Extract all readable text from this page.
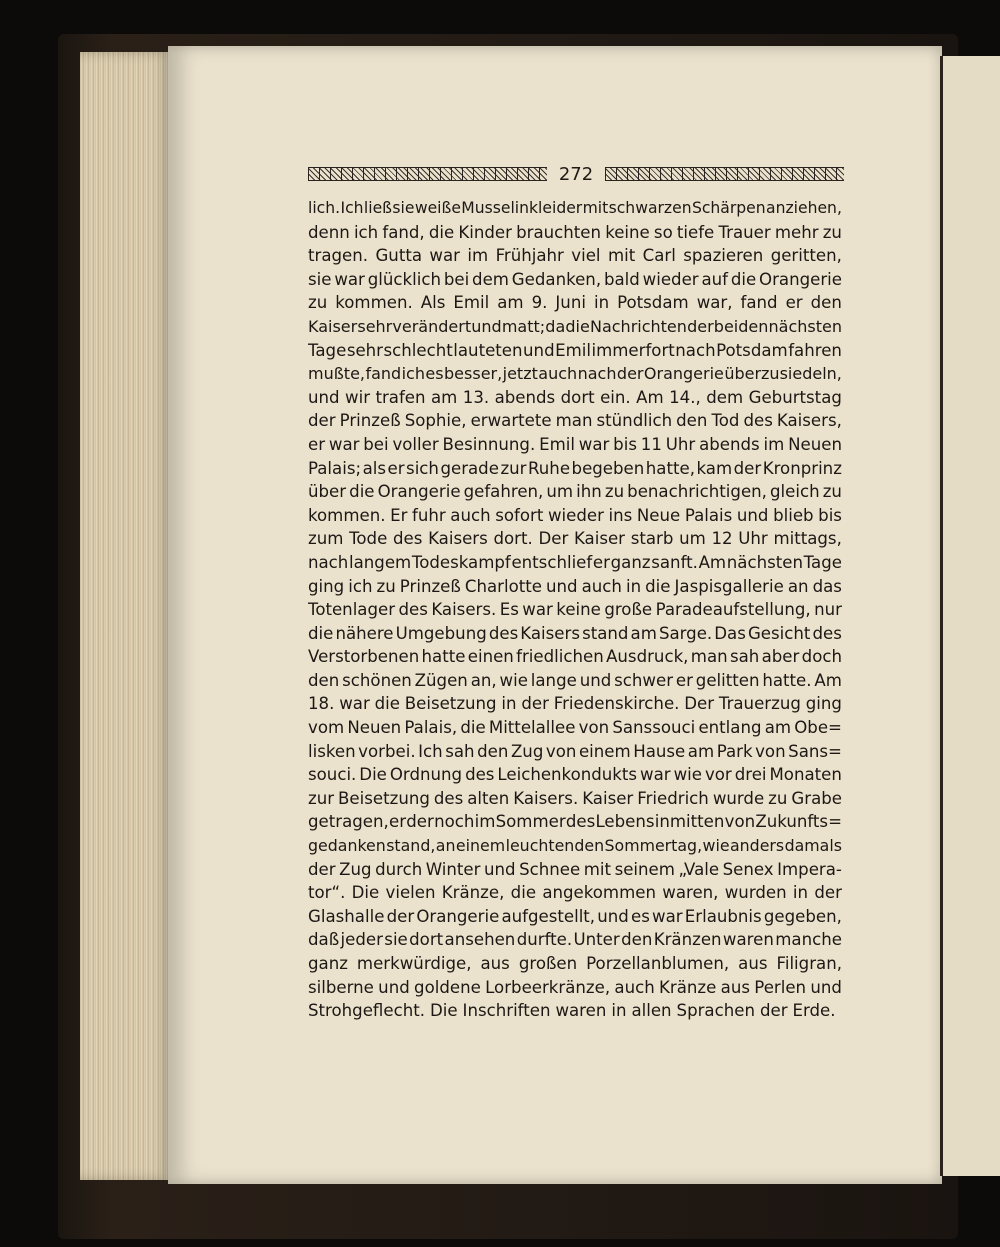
272
lich. Ich ließ sie weiße Musselinkleider mit schwarzen Schärpen anziehen,
denn ich fand, die Kinder brauchten keine so tiefe Trauer mehr zu
tragen. Gutta war im Frühjahr viel mit Carl spazieren geritten,
sie war glücklich bei dem Gedanken, bald wieder auf die Orangerie
zu kommen. Als Emil am 9. Juni in Potsdam war, fand er den
Kaiser sehr verändert und matt; da die Nachrichten der beiden nächsten
Tage sehr schlecht lauteten und Emil immerfort nach Potsdam fahren
mußte, fand ich es besser, jetzt auch nach der Orangerie überzusiedeln,
und wir trafen am 13. abends dort ein. Am 14., dem Geburtstag
der Prinzeß Sophie, erwartete man stündlich den Tod des Kaisers,
er war bei voller Besinnung. Emil war bis 11 Uhr abends im Neuen
Palais; als er sich gerade zur Ruhe begeben hatte, kam der Kronprinz
über die Orangerie gefahren, um ihn zu benachrichtigen, gleich zu
kommen. Er fuhr auch sofort wieder ins Neue Palais und blieb bis
zum Tode des Kaisers dort. Der Kaiser starb um 12 Uhr mittags,
nach langem Todeskampf entschlief er ganz sanft. Am nächsten Tage
ging ich zu Prinzeß Charlotte und auch in die Jaspisgallerie an das
Totenlager des Kaisers. Es war keine große Paradeaufstellung, nur
die nähere Umgebung des Kaisers stand am Sarge. Das Gesicht des
Verstorbenen hatte einen friedlichen Ausdruck, man sah aber doch
den schönen Zügen an, wie lange und schwer er gelitten hatte. Am
18. war die Beisetzung in der Friedenskirche. Der Trauerzug ging
vom Neuen Palais, die Mittelallee von Sanssouci entlang am Obe=
lisken vorbei. Ich sah den Zug von einem Hause am Park von Sans=
souci. Die Ordnung des Leichenkondukts war wie vor drei Monaten
zur Beisetzung des alten Kaisers. Kaiser Friedrich wurde zu Grabe
getragen, er der noch im Sommer des Lebens inmitten von Zukunfts=
gedanken stand, an einem leuchtenden Sommertag, wie anders damals
der Zug durch Winter und Schnee mit seinem „Vale Senex Impera-
tor“. Die vielen Kränze, die angekommen waren, wurden in der
Glashalle der Orangerie aufgestellt, und es war Erlaubnis gegeben,
daß jeder sie dort ansehen durfte. Unter den Kränzen waren manche
ganz merkwürdige, aus großen Porzellanblumen, aus Filigran,
silberne und goldene Lorbeerkränze, auch Kränze aus Perlen und
Strohgeflecht. Die Inschriften waren in allen Sprachen der Erde.
